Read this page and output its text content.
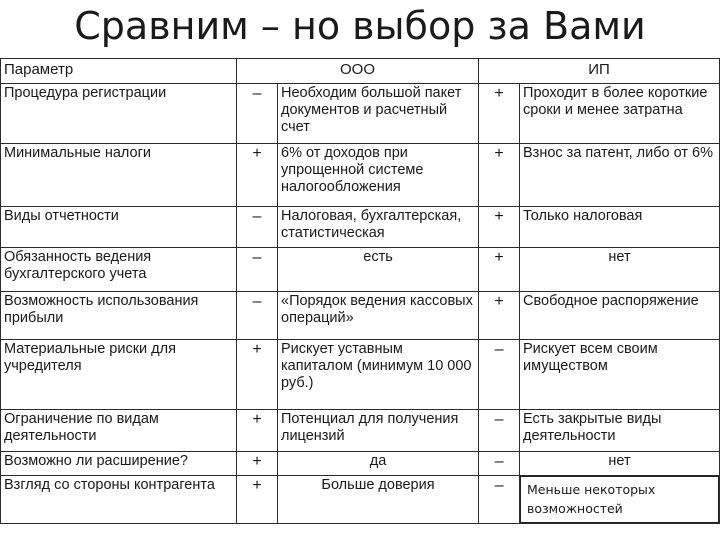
Сравним – но выбор за Вами
Параметр	ООО		ИП	
Процедура регистрации	–	Необходим большой пакет документов и расчетный счет	+	Проходит в более короткие сроки и менее затратна
Минимальные налоги	+	6% от доходов при упрощенной системе налогообложения	+	Взнос за патент, либо от 6%
Виды отчетности	–	Налоговая, бухгалтерская, статистическая	+	Только налоговая
Обязанность ведения бухгалтерского учета	–	есть	+	нет
Возможность использования прибыли	–	«Порядок ведения кассовых операций»	+	Свободное распоряжение
Материальные риски для учредителя	+	Рискует уставным капиталом (минимум 10 000 руб.)	–	Рискует всем своим имуществом
Ограничение по видам деятельности	+	Потенциал для получения лицензий	–	Есть закрытые виды деятельности
Возможно ли расширение?	+	да	–	нет
Взгляд со стороны контрагента	+	Больше доверия	–	Меньше некоторых возможностей
